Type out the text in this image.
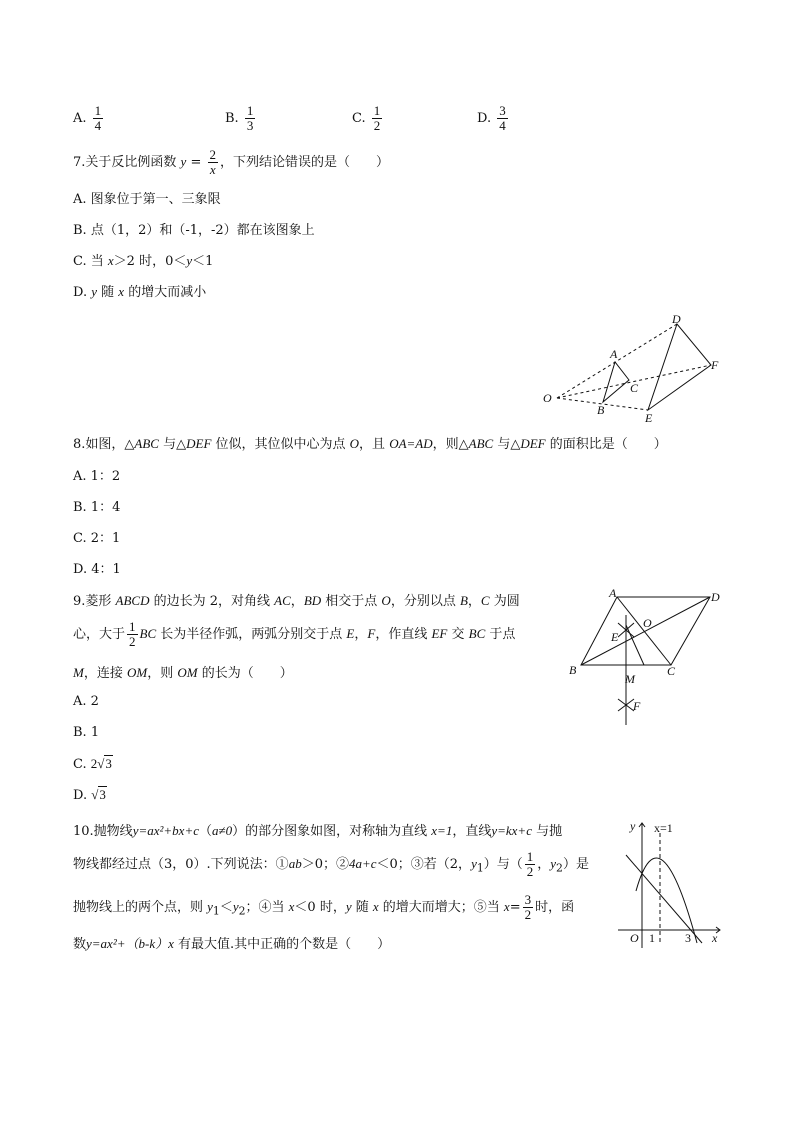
A. $\frac{1}{4}$	B. $\frac{1}{3}$	C. $\frac{1}{2}$	D. $\frac{3}{4}$
7.关于反比例函数 $y = \frac{2}{x}$ ，下列结论错误的是（　　）
A. 图象位于第一、三象限
B. 点（1，2）和（-1，-2）都在该图象上
C. 当 x＞2 时，0＜y＜1
D. y 随 x 的增大而减小
O
A
B
C
D
E
F
8.如图，△ABC 与△DEF 位似，其位似中心为点 O，且 OA=AD，则△ABC 与△DEF 的面积比是（　　）
A. 1：2
B. 1：4
C. 2：1
D. 4：1
A	D
B	C
O
E
F
M
9.菱形 ABCD 的边长为 2，对角线 AC，BD 相交于点 O，分别以点 B，C 为圆
心，大于 $\frac{1}{2}$ BC 长为半径作弧，两弧分别交于点 E，F，作直线 EF 交 BC 于点
M，连接 OM，则 OM 的长为（　　）
A. 2
B. 1
C. 2√3
D. √3
y x=1
O 1	3 x
10.抛物线y=ax²+bx+c（a≠0）的部分图象如图，对称轴为直线 x=1，直线y=kx+c 与抛
物线都经过点（3，0）.下列说法：①ab＞0；②4a+c＜0；③若（2，$y_1$）与（ $\frac{1}{2}$ ，$y_2$）是
抛物线上的两个点，则 $y_1<y_2$；④当 x＜0 时，y 随 x 的增大而增大；⑤当 $x= \frac{3}{2}$ 时，函
数y=ax²+（b-k）x 有最大值.其中正确的个数是（　　）
